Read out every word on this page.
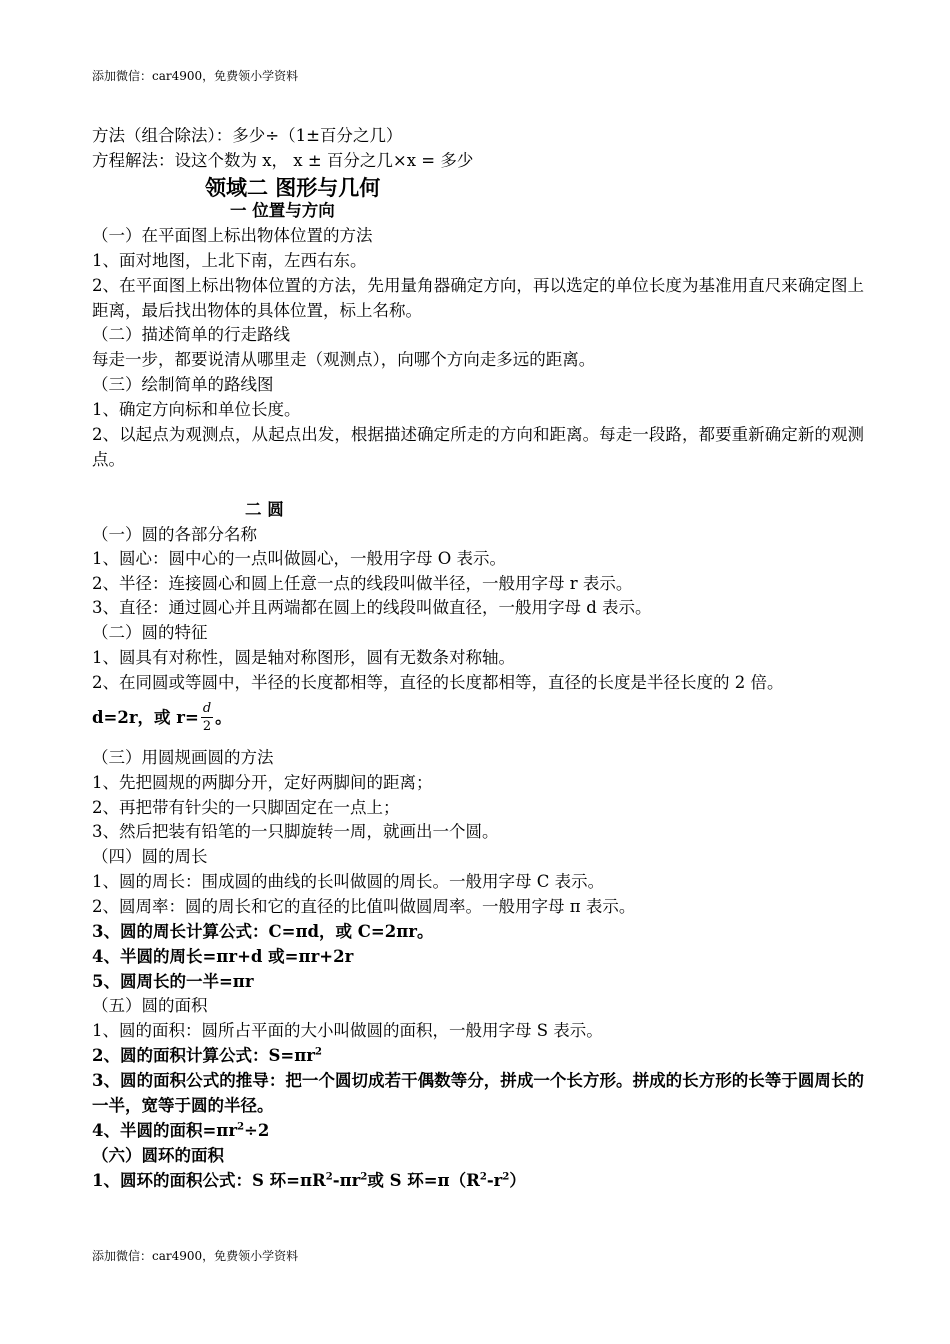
添加微信：car4900，免费领小学资料
方法（组合除法）：多少÷（1±百分之几）
方程解法：设这个数为 x， x ± 百分之几×x = 多少
领域二 图形与几何
一 位置与方向
（一）在平面图上标出物体位置的方法
1、面对地图，上北下南，左西右东。
2、在平面图上标出物体位置的方法，先用量角器确定方向，再以选定的单位长度为基准用直尺来确定图上距离，最后找出物体的具体位置，标上名称。
（二）描述简单的行走路线
每走一步，都要说清从哪里走（观测点），向哪个方向走多远的距离。
（三）绘制简单的路线图
1、确定方向标和单位长度。
2、以起点为观测点，从起点出发，根据描述确定所走的方向和距离。每走一段路，都要重新确定新的观测点。
二 圆
（一）圆的各部分名称
1、圆心：圆中心的一点叫做圆心，一般用字母 O 表示。
2、半径：连接圆心和圆上任意一点的线段叫做半径，一般用字母 r 表示。
3、直径：通过圆心并且两端都在圆上的线段叫做直径，一般用字母 d 表示。
（二）圆的特征
1、圆具有对称性，圆是轴对称图形，圆有无数条对称轴。
2、在同圆或等圆中，半径的长度都相等，直径的长度都相等，直径的长度是半径长度的 2 倍。
d=2r，或 $r= \frac{d}{2}$ 。
（三）用圆规画圆的方法
1、先把圆规的两脚分开，定好两脚间的距离；
2、再把带有针尖的一只脚固定在一点上；
3、然后把装有铅笔的一只脚旋转一周，就画出一个圆。
（四）圆的周长
1、圆的周长：围成圆的曲线的长叫做圆的周长。一般用字母 C 表示。
2、圆周率：圆的周长和它的直径的比值叫做圆周率。一般用字母 π 表示。
3、圆的周长计算公式：C=πd，或 C=2πr。
4、半圆的周长=πr+d 或=πr+2r
5、圆周长的一半=πr
（五）圆的面积
1、圆的面积：圆所占平面的大小叫做圆的面积，一般用字母 S 表示。
2、圆的面积计算公式：$S=\pi r^2$
3、圆的面积公式的推导：把一个圆切成若干偶数等分，拼成一个长方形。拼成的长方形的长等于圆周长的一半，宽等于圆的半径。
4、半圆的面积$=\pi r^2\div 2$
（六）圆环的面积
1、圆环的面积公式：S 环$=\pi R^2-\pi r^2$或 S 环$=\pi(R^2-r^2)$
添加微信：car4900，免费领小学资料
